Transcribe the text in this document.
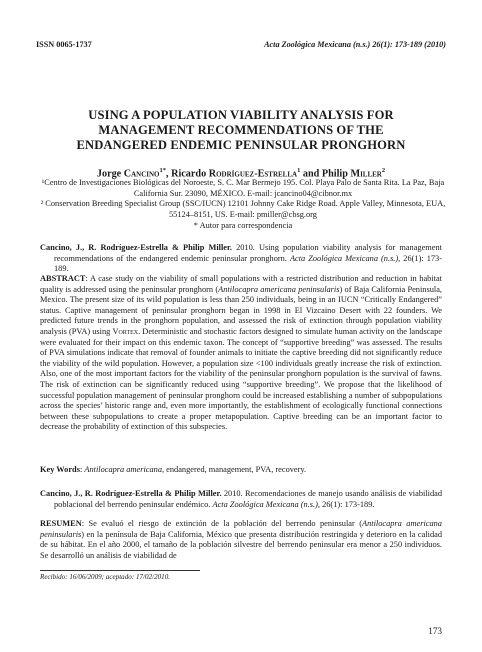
ISSN 0065-1737	Acta Zoológica Mexicana (n.s.) 26(1): 173-189 (2010)
USING A POPULATION VIABILITY ANALYSIS FOR
MANAGEMENT RECOMMENDATIONS OF THE
ENDANGERED ENDEMIC PENINSULAR PRONGHORN
Jorge Cancino$^{1*}$, Ricardo Rodríguez-Estrella$^1$ and Philip Miller$^2$

¹Centro de Investigaciones Biológicas del Noroeste, S. C. Mar Bermejo 195. Col. Playa Palo de Santa Rita. La Paz, Baja California Sur. 23090, MÉXICO. E-mail: jcancino04@cibnor.mx

² Conservation Breeding Specialist Group (SSC/IUCN) 12101 Johnny Cake Ridge Road. Apple Valley, Minnesota, EUA, 55124–8151, US. E-mail: pmiller@cbsg.org

* Autor para correspondencia

Cancino, J., R. Rodríguez-Estrella & Philip Miller. 2010. Using population viability analysis for management recommendations of the endangered endemic peninsular pronghorn. Acta Zoológica Mexicana (n.s.), 26(1): 173-189.

ABSTRACT: A case study on the viability of small populations with a restricted distribution and reduction in habitat quality is addressed using the peninsular pronghorn (Antilocapra americana peninsularis) of Baja California Peninsula, Mexico. The present size of its wild population is less than 250 individuals, being in an IUCN “Critically Endangered” status. Captive management of peninsular pronghorn began in 1998 in El Vizcaino Desert with 22 founders. We predicted future trends in the pronghorn population, and assessed the risk of extinction through population viability analysis (PVA) using Vortex. Deterministic and stochastic factors designed to simulate human activity on the landscape were evaluated for their impact on this endemic taxon. The concept of “supportive breeding” was assessed. The results of PVA simulations indicate that removal of founder animals to initiate the captive breeding did not significantly reduce the viability of the wild population. However, a population size <100 individuals greatly increase the risk of extinction. Also, one of the most important factors for the viability of the peninsular pronghorn population is the survival of fawns. The risk of extinction can be significantly reduced using “supportive breeding”. We propose that the likelihood of successful population management of peninsular pronghorn could be increased establishing a number of subpopulations across the species’ historic range and, even more importantly, the establishment of ecologically functional connections between these subpopulations to create a proper metapopulation. Captive breeding can be an important factor to decrease the probability of extinction of this subspecies.

Key Words: Antilocapra americana, endangered, management, PVA, recovery.

Cancino, J., R. Rodríguez-Estrella & Philip Miller. 2010. Recomendaciones de manejo usando análisis de viabilidad poblacional del berrendo peninsular endémico. Acta Zoológica Mexicana (n.s.), 26(1): 173-189.

RESUMEN: Se evaluó el riesgo de extinción de la población del berrendo peninsular (Antilocapra americana peninsularis) en la península de Baja California, México que presenta distribución restringida y deterioro en la calidad de su hábitat. En el año 2000, el tamaño de la población silvestre del berrendo peninsular era menor a 250 individuos. Se desarrolló un análisis de viabilidad de

Recibido: 16/06/2009; aceptado: 17/02/2010.
173
